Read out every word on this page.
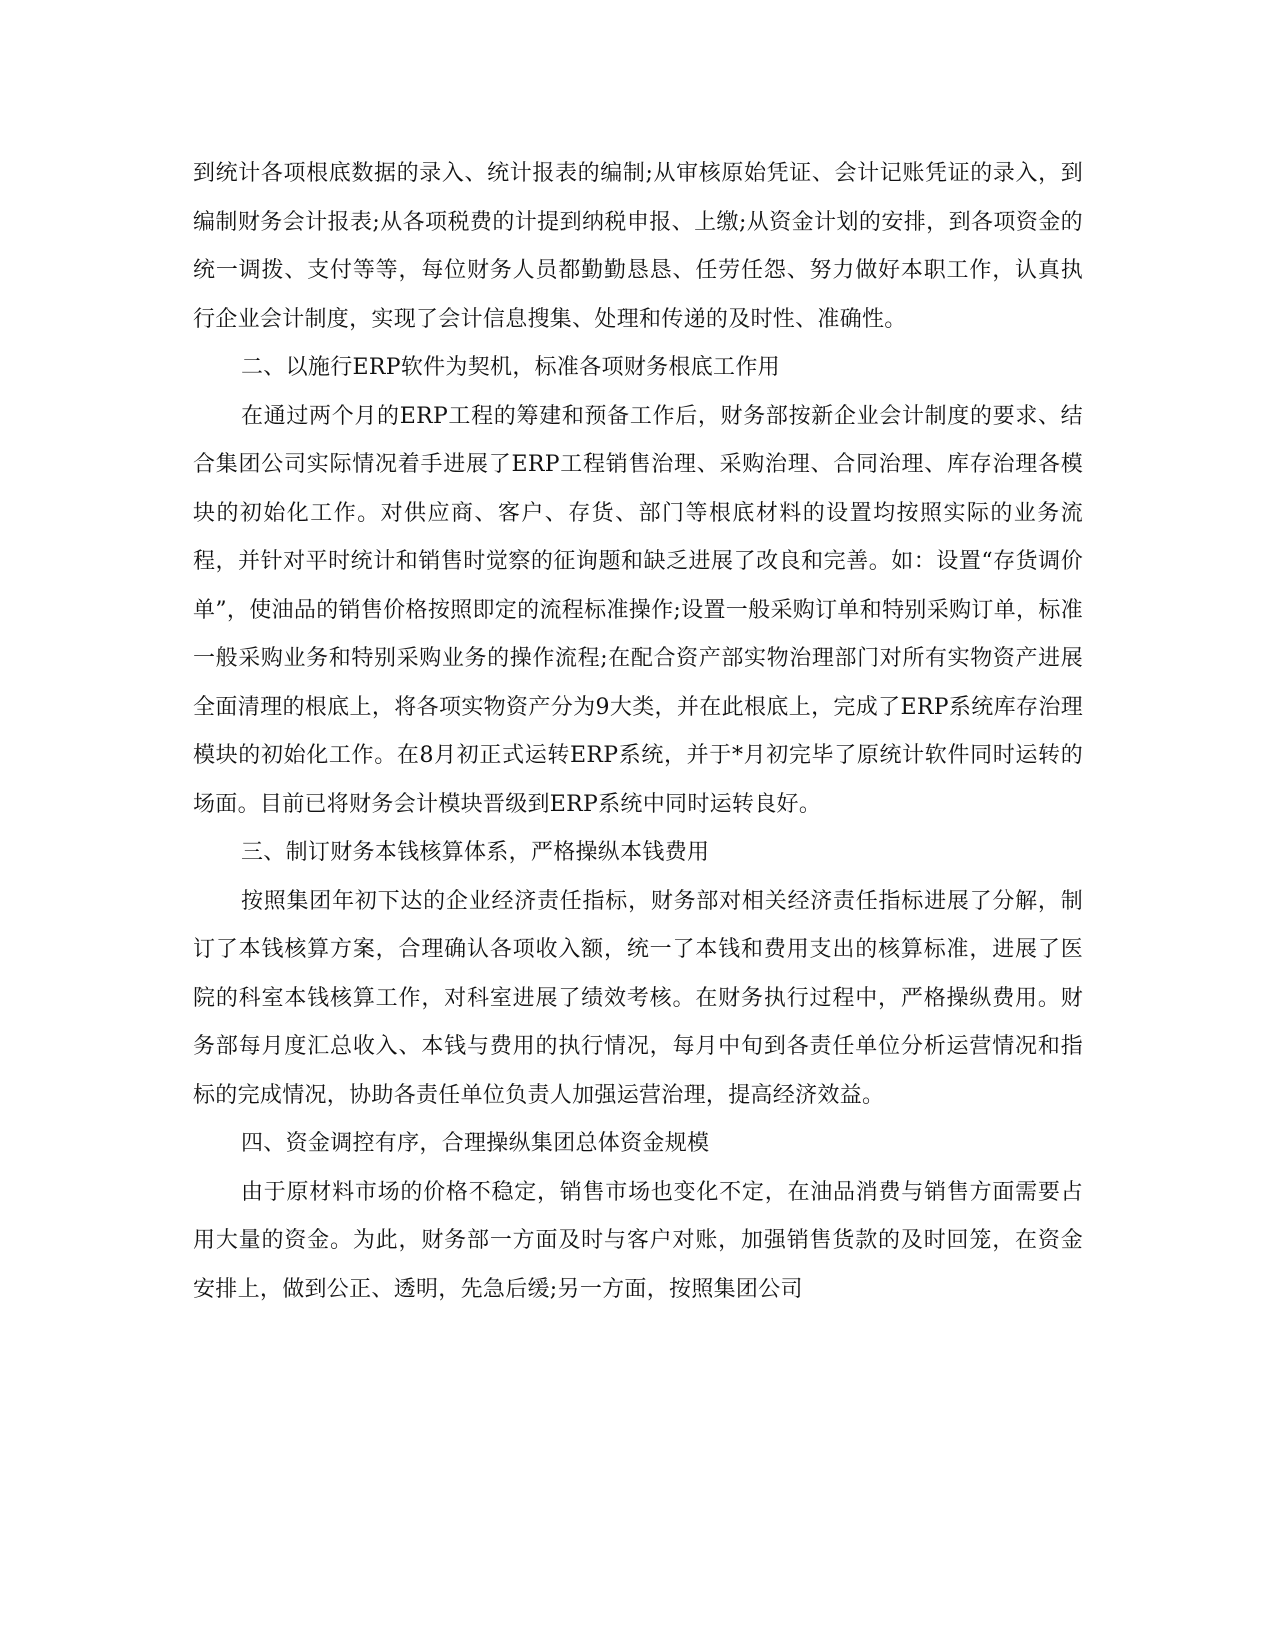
到统计各项根底数据的录入、统计报表的编制;从审核原始凭证、会计记账凭证的录入，到编制财务会计报表;从各项税费的计提到纳税申报、上缴;从资金计划的安排，到各项资金的统一调拨、支付等等，每位财务人员都勤勤恳恳、任劳任怨、努力做好本职工作，认真执行企业会计制度，实现了会计信息搜集、处理和传递的及时性、准确性。

二、以施行ERP软件为契机，标准各项财务根底工作用

在通过两个月的ERP工程的筹建和预备工作后，财务部按新企业会计制度的要求、结合集团公司实际情况着手进展了ERP工程销售治理、采购治理、合同治理、库存治理各模块的初始化工作。对供应商、客户、存货、部门等根底材料的设置均按照实际的业务流程，并针对平时统计和销售时觉察的征询题和缺乏进展了改良和完善。如：设置“存货调价单”，使油品的销售价格按照即定的流程标准操作;设置一般采购订单和特别采购订单，标准一般采购业务和特别采购业务的操作流程;在配合资产部实物治理部门对所有实物资产进展全面清理的根底上，将各项实物资产分为9大类，并在此根底上，完成了ERP系统库存治理模块的初始化工作。在8月初正式运转ERP系统，并于*月初完毕了原统计软件同时运转的场面。目前已将财务会计模块晋级到ERP系统中同时运转良好。

三、制订财务本钱核算体系，严格操纵本钱费用

按照集团年初下达的企业经济责任指标，财务部对相关经济责任指标进展了分解，制订了本钱核算方案，合理确认各项收入额，统一了本钱和费用支出的核算标准，进展了医院的科室本钱核算工作，对科室进展了绩效考核。在财务执行过程中，严格操纵费用。财务部每月度汇总收入、本钱与费用的执行情况，每月中旬到各责任单位分析运营情况和指标的完成情况，协助各责任单位负责人加强运营治理，提高经济效益。

四、资金调控有序，合理操纵集团总体资金规模

由于原材料市场的价格不稳定，销售市场也变化不定，在油品消费与销售方面需要占用大量的资金。为此，财务部一方面及时与客户对账，加强销售货款的及时回笼，在资金安排上，做到公正、透明，先急后缓;另一方面，按照集团公司
